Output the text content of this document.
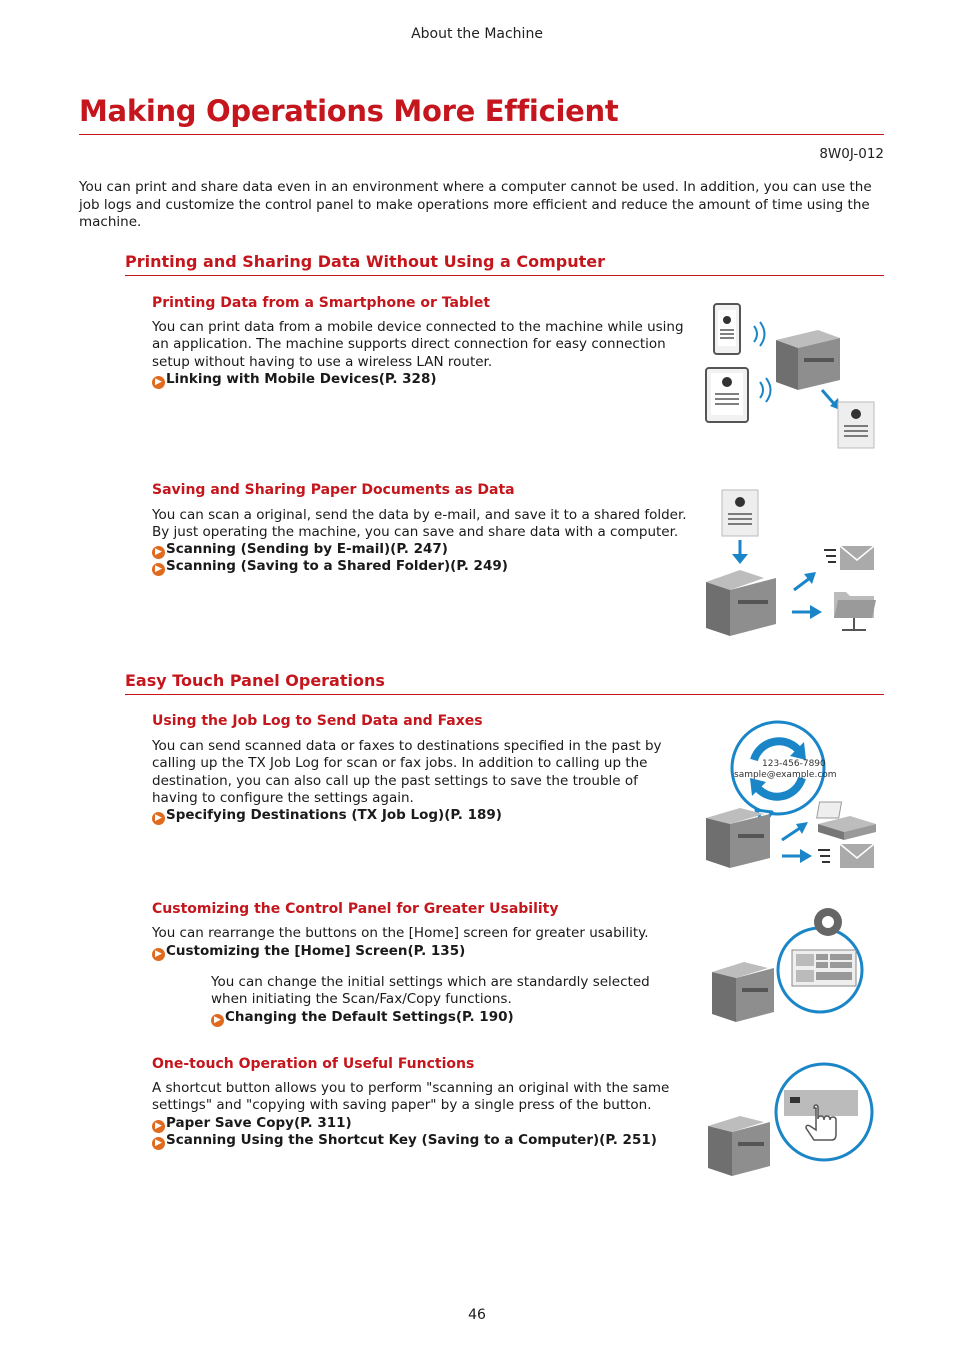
About the Machine
Making Operations More Efficient
8W0J-012
You can print and share data even in an environment where a computer cannot be used. In addition, you can use the job logs and customize the control panel to make operations more efficient and reduce the amount of time using the machine.
Printing and Sharing Data Without Using a Computer
Printing Data from a Smartphone or Tablet
You can print data from a mobile device connected to the machine while using an application. The machine supports direct connection for easy connection setup without having to use a wireless LAN router.
▶ Linking with Mobile Devices(P. 328)
Saving and Sharing Paper Documents as Data
You can scan a original, send the data by e-mail, and save it to a shared folder. By just operating the machine, you can save and share data with a computer.
▶ Scanning (Sending by E-mail)(P. 247)
▶ Scanning (Saving to a Shared Folder)(P. 249)
Easy Touch Panel Operations
Using the Job Log to Send Data and Faxes
You can send scanned data or faxes to destinations specified in the past by calling up the TX Job Log for scan or fax jobs. In addition to calling up the destination, you can also call up the past settings to save the trouble of having to configure the settings again.
▶ Specifying Destinations (TX Job Log)(P. 189)
Customizing the Control Panel for Greater Usability
You can rearrange the buttons on the [Home] screen for greater usability.
▶ Customizing the [Home] Screen(P. 135)
You can change the initial settings which are standardly selected when initiating the Scan/Fax/Copy functions.
▶ Changing the Default Settings(P. 190)
One-touch Operation of Useful Functions
A shortcut button allows you to perform "scanning an original with the same settings" and "copying with saving paper" by a single press of the button.
▶ Paper Save Copy(P. 311)
▶ Scanning Using the Shortcut Key (Saving to a Computer)(P. 251)
46
123-456-7890
sample@example.com
